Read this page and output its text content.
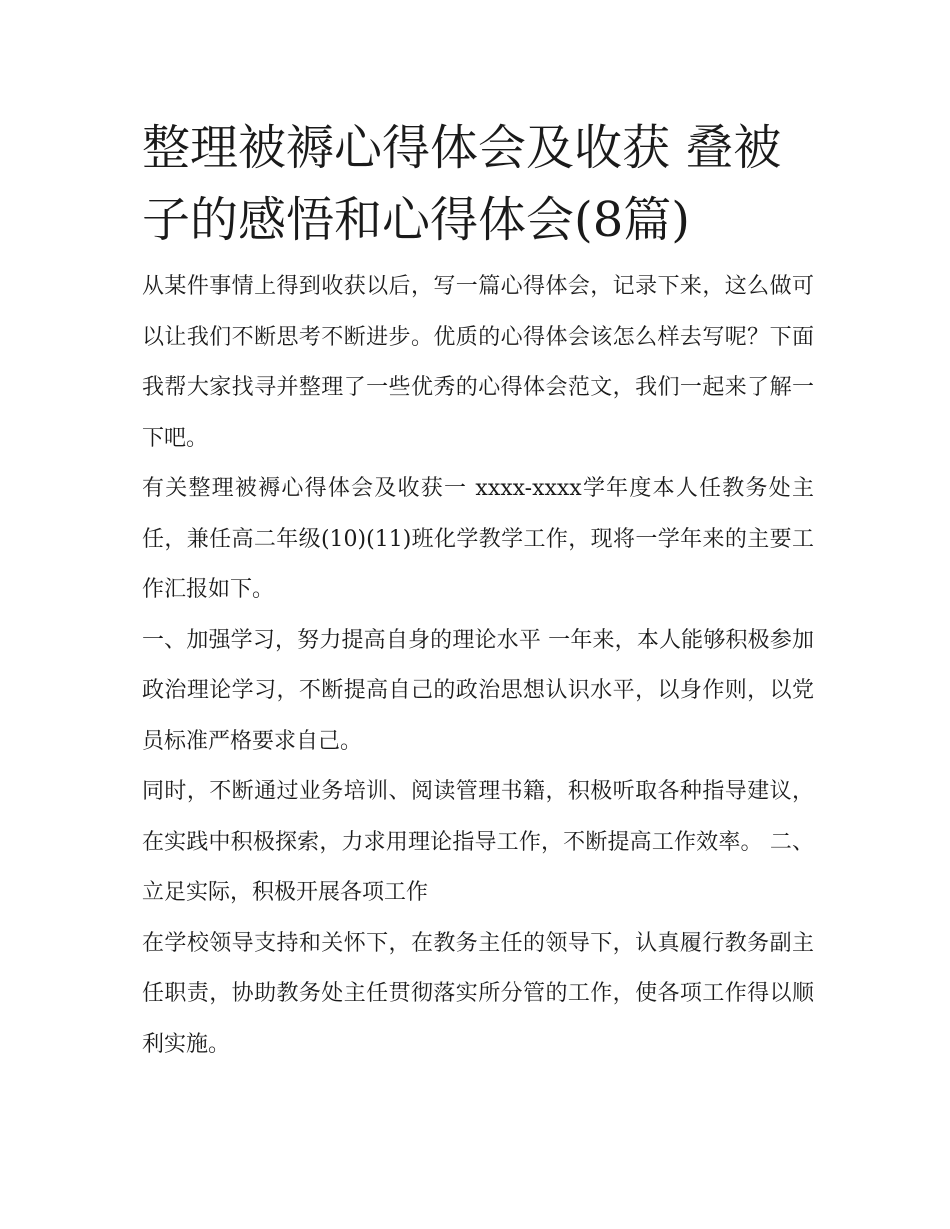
整理被褥心得体会及收获 叠被子的感悟和心得体会(8篇)

从某件事情上得到收获以后，写一篇心得体会，记录下来，这么做可以让我们不断思考不断进步。优质的心得体会该怎么样去写呢？下面我帮大家找寻并整理了一些优秀的心得体会范文，我们一起来了解一下吧。

有关整理被褥心得体会及收获一 xxxx-xxxx学年度本人任教务处主任，兼任高二年级(10)(11)班化学教学工作，现将一学年来的主要工作汇报如下。

一、加强学习，努力提高自身的理论水平 一年来，本人能够积极参加政治理论学习，不断提高自己的政治思想认识水平，以身作则，以党员标准严格要求自己。

同时，不断通过业务培训、阅读管理书籍，积极听取各种指导建议，在实践中积极探索，力求用理论指导工作，不断提高工作效率。 二、立足实际，积极开展各项工作

在学校领导支持和关怀下，在教务主任的领导下，认真履行教务副主任职责，协助教务处主任贯彻落实所分管的工作，使各项工作得以顺利实施。
